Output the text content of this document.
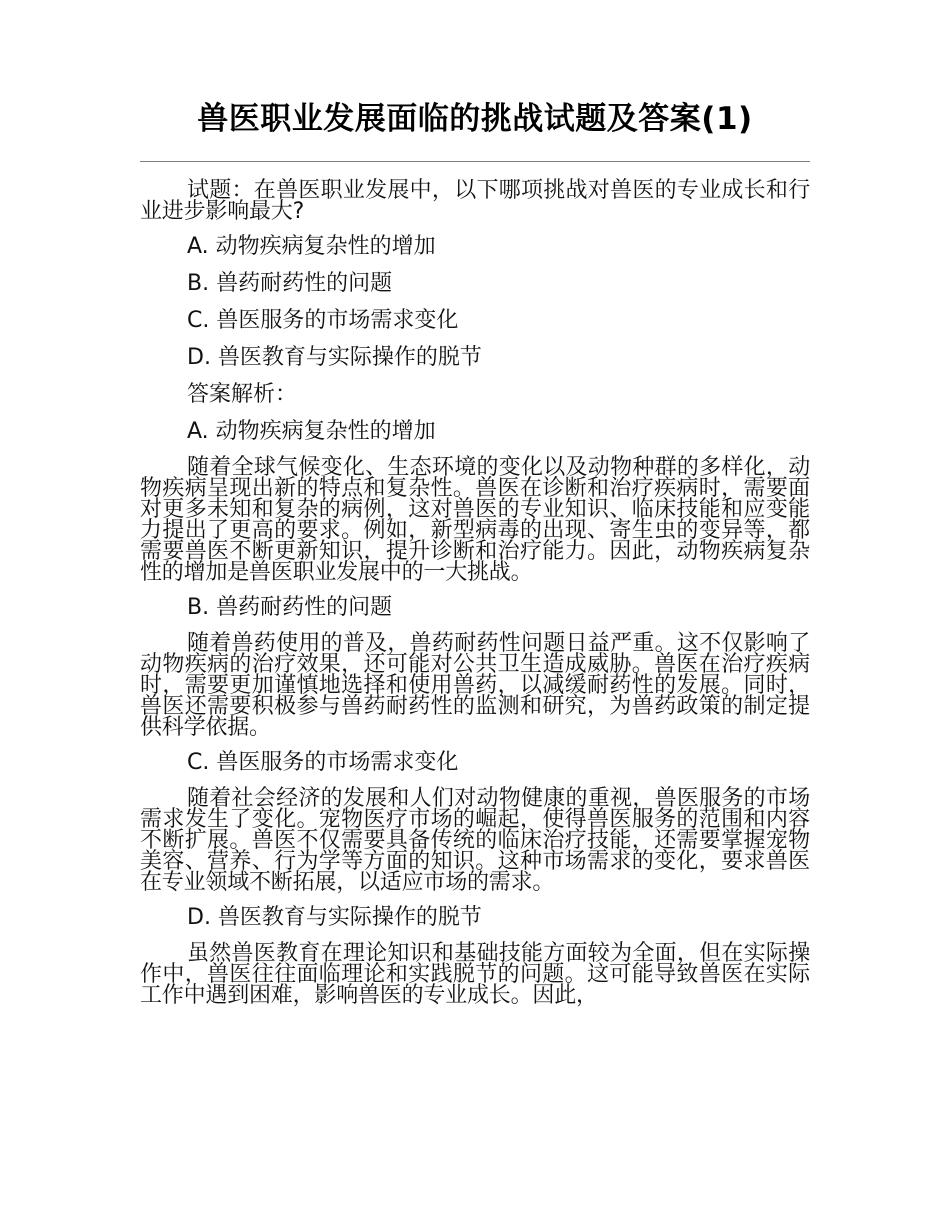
兽医职业发展面临的挑战试题及答案(1)

试题：在兽医职业发展中，以下哪项挑战对兽医的专业成长和行业进步影响最大?

A. 动物疾病复杂性的增加

B. 兽药耐药性的问题

C. 兽医服务的市场需求变化

D. 兽医教育与实际操作的脱节

答案解析：

A. 动物疾病复杂性的增加

随着全球气候变化、生态环境的变化以及动物种群的多样化，动物疾病呈现出新的特点和复杂性。兽医在诊断和治疗疾病时，需要面对更多未知和复杂的病例，这对兽医的专业知识、临床技能和应变能力提出了更高的要求。例如，新型病毒的出现、寄生虫的变异等，都需要兽医不断更新知识，提升诊断和治疗能力。因此，动物疾病复杂性的增加是兽医职业发展中的一大挑战。

B. 兽药耐药性的问题

随着兽药使用的普及，兽药耐药性问题日益严重。这不仅影响了动物疾病的治疗效果，还可能对公共卫生造成威胁。兽医在治疗疾病时，需要更加谨慎地选择和使用兽药，以减缓耐药性的发展。同时，兽医还需要积极参与兽药耐药性的监测和研究，为兽药政策的制定提供科学依据。

C. 兽医服务的市场需求变化

随着社会经济的发展和人们对动物健康的重视，兽医服务的市场需求发生了变化。宠物医疗市场的崛起，使得兽医服务的范围和内容不断扩展。兽医不仅需要具备传统的临床治疗技能，还需要掌握宠物美容、营养、行为学等方面的知识。这种市场需求的变化，要求兽医在专业领域不断拓展，以适应市场的需求。

D. 兽医教育与实际操作的脱节

虽然兽医教育在理论知识和基础技能方面较为全面，但在实际操作中，兽医往往面临理论和实践脱节的问题。这可能导致兽医在实际工作中遇到困难，影响兽医的专业成长。因此，
